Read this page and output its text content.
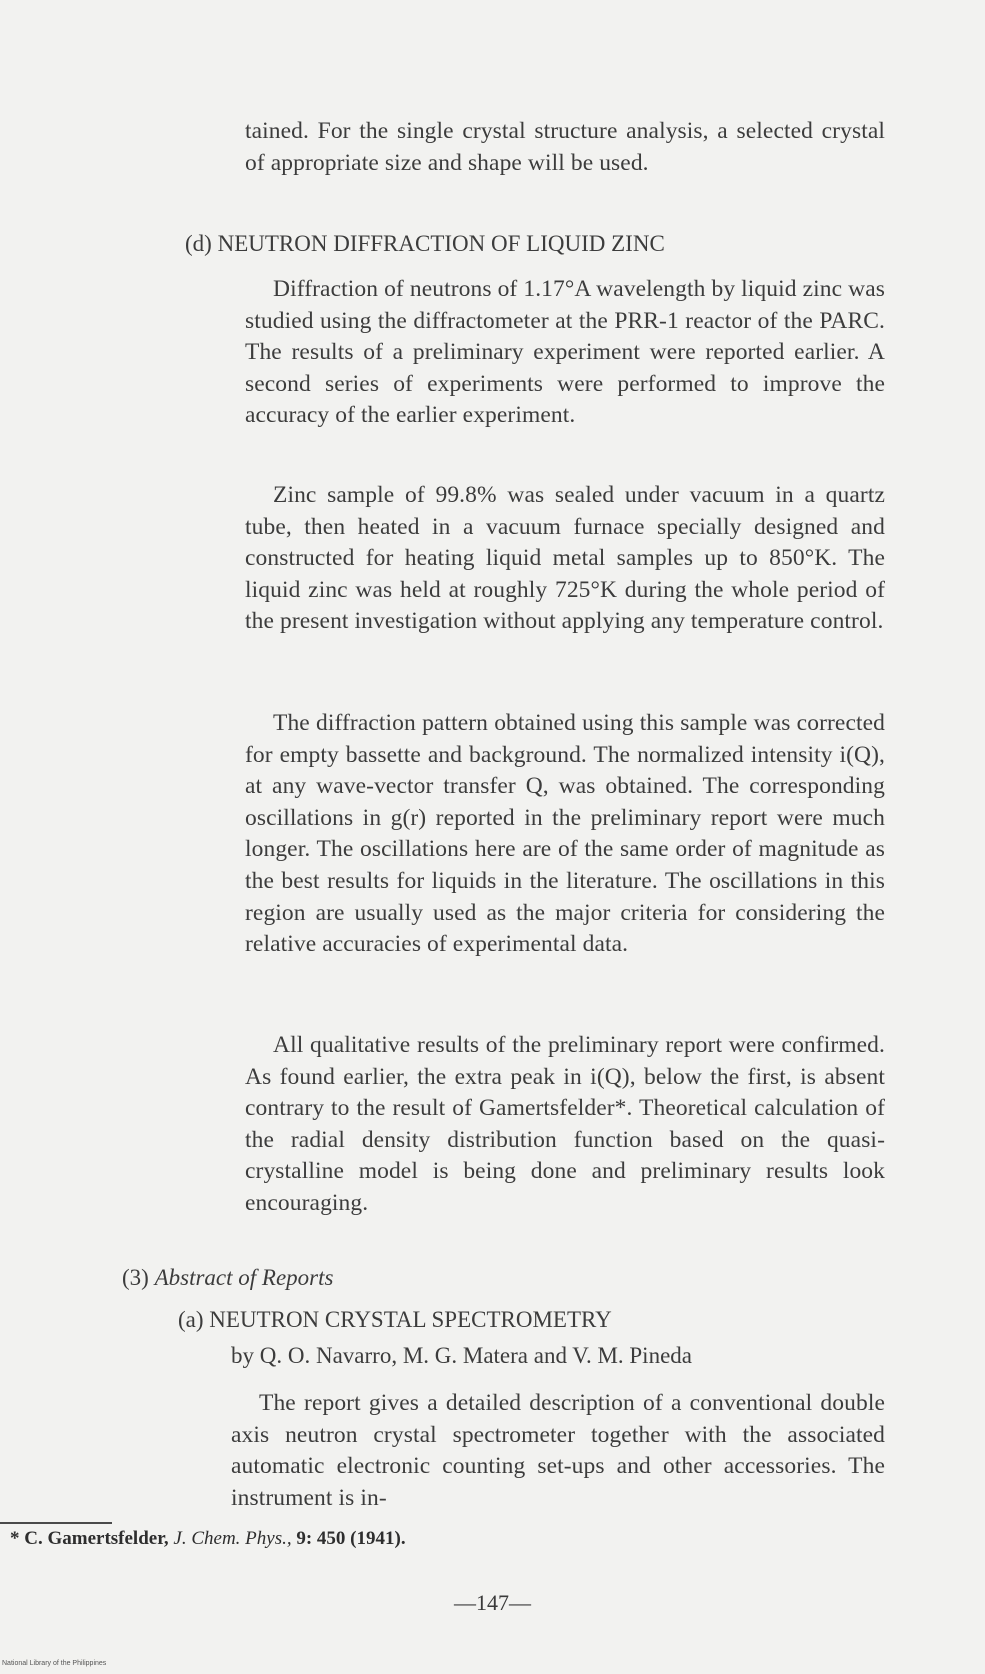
tained. For the single crystal structure analysis, a selected crystal of appropriate size and shape will be used.

(d) NEUTRON DIFFRACTION OF LIQUID ZINC

Diffraction of neutrons of 1.17°A wavelength by liquid zinc was studied using the diffractometer at the PRR-1 reactor of the PARC. The results of a preliminary experiment were reported earlier. A second series of experiments were performed to improve the accuracy of the earlier experiment.

Zinc sample of 99.8% was sealed under vacuum in a quartz tube, then heated in a vacuum furnace specially designed and constructed for heating liquid metal samples up to 850°K. The liquid zinc was held at roughly 725°K during the whole period of the present investigation without applying any temperature control.

The diffraction pattern obtained using this sample was corrected for empty bassette and background. The normalized intensity i(Q), at any wave-vector transfer Q, was obtained. The corresponding oscillations in g(r) reported in the preliminary report were much longer. The oscillations here are of the same order of magnitude as the best results for liquids in the literature. The oscillations in this region are usually used as the major criteria for considering the relative accuracies of experimental data.

All qualitative results of the preliminary report were confirmed. As found earlier, the extra peak in i(Q), below the first, is absent contrary to the result of Gamertsfelder*. Theoretical calculation of the radial density distribution function based on the quasi-crystalline model is being done and preliminary results look encouraging.

(3) Abstract of Reports
(a) NEUTRON CRYSTAL SPECTROMETRY
by Q. O. Navarro, M. G. Matera and V. M. Pineda

The report gives a detailed description of a conventional double axis neutron crystal spectrometer together with the associated automatic electronic counting set-ups and other accessories. The instrument is in-

* C. Gamertsfelder, J. Chem. Phys., 9: 450 (1941).
—147—
National Library of the Philippines
